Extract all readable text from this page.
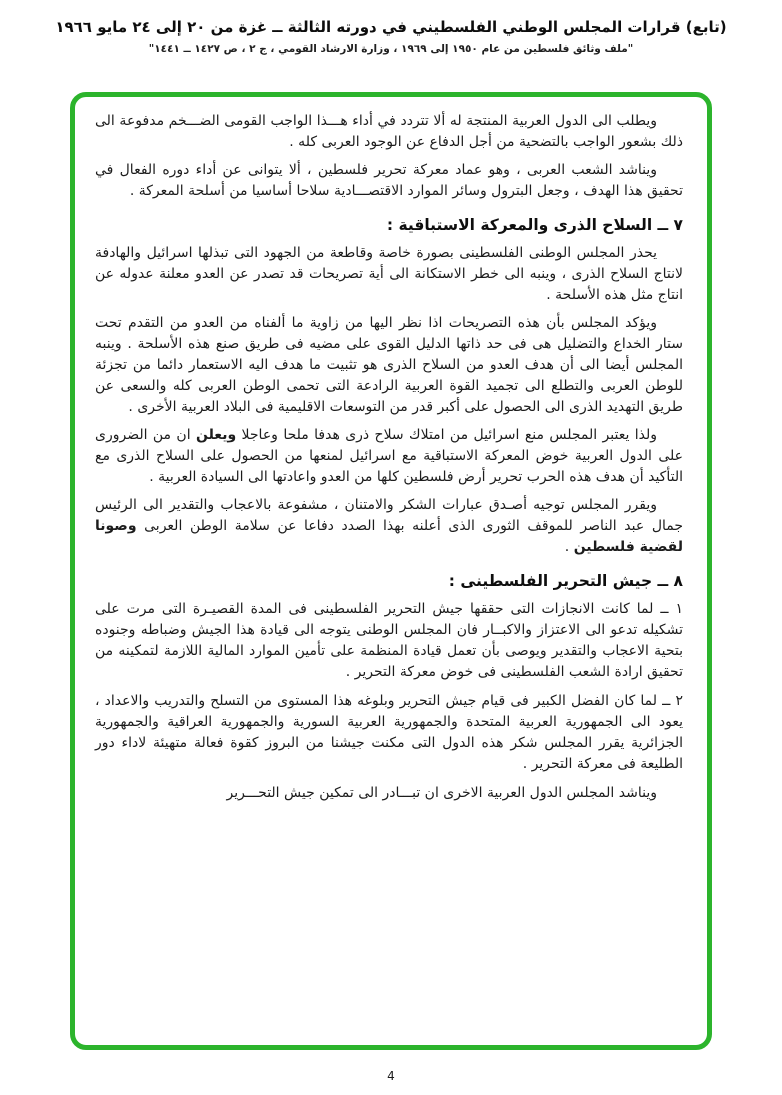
(تابع) قرارات المجلس الوطني الفلسطيني في دورته الثالثة ــ غزة من ٢٠ إلى ٢٤ مايو ١٩٦٦
"ملف وثائق فلسطين من عام ١٩٥٠ إلى ١٩٦٩ ، وزارة الارشاد القومي ، ج ٢ ، ص ١٤٢٧ ــ ١٤٤١"

ويطلب الى الدول العربية المنتجة له ألا تتردد في أداء هـــذا الواجب القومى الضـــخم مدفوعة الى ذلك بشعور الواجب بالتضحية من أجل الدفاع عن الوجود العربى كله .

ويناشد الشعب العربى ، وهو عماد معركة تحرير فلسطين ، ألا يتوانى عن أداء دوره الفعال في تحقيق هذا الهدف ، وجعل البترول وسائر الموارد الاقتصـــادية سلاحا أساسيا من أسلحة المعركة .

٧ ــ السلاح الذرى والمعركة الاستباقية :

يحذر المجلس الوطنى الفلسطينى بصورة خاصة وقاطعة من الجهود التى تبذلها اسرائيل والهادفة لانتاج السلاح الذرى ، وينبه الى خطر الاستكانة الى أية تصريحات قد تصدر عن العدو معلنة عدوله عن انتاج مثل هذه الأسلحة .

ويؤكد المجلس بأن هذه التصريحات اذا نظر اليها من زاوية ما ألفناه من العدو من التقدم تحت ستار الخداع والتضليل هى فى حد ذاتها الدليل القوى على مضيه فى طريق صنع هذه الأسلحة . وينبه المجلس أيضا الى أن هدف العدو من السلاح الذرى هو تثبيت ما هدف اليه الاستعمار دائما من تجزئة للوطن العربى والتطلع الى تجميد القوة العربية الرادعة التى تحمى الوطن العربى كله والسعى عن طريق التهديد الذرى الى الحصول على أكبر قدر من التوسعات الاقليمية فى البلاد العربية الأخرى .

ولذا يعتبر المجلس منع اسرائيل من امتلاك سلاح ذرى هدفا ملحا وعاجلا ويعلن ان من الضرورى على الدول العربية خوض المعركة الاستباقية مع اسرائيل لمنعها من الحصول على السلاح الذرى مع التأكيد أن هدف هذه الحرب تحرير أرض فلسطين كلها من العدو واعادتها الى السيادة العربية .

ويقرر المجلس توجيه أصـدق عبارات الشكر والامتنان ، مشفوعة بالاعجاب والتقدير الى الرئيس جمال عبد الناصر للموقف الثورى الذى أعلنه بهذا الصدد دفاعا عن سلامة الوطن العربى وصونا لقضية فلسطين .

٨ ــ جيش التحرير الفلسطينى :

١ ــ لما كانت الانجازات التى حققها جيش التحرير الفلسطينى فى المدة القصيـرة التى مرت على تشكيله تدعو الى الاعتزاز والاكبــار فان المجلس الوطنى يتوجه الى قيادة هذا الجيش وضباطه وجنوده بتحية الاعجاب والتقدير ويوصى بأن تعمل قيادة المنظمة على تأمين الموارد المالية اللازمة لتمكينه من تحقيق ارادة الشعب الفلسطينى فى خوض معركة التحرير .

٢ ــ لما كان الفضل الكبير فى قيام جيش التحرير وبلوغه هذا المستوى من التسلح والتدريب والاعداد ، يعود الى الجمهورية العربية المتحدة والجمهورية العربية السورية والجمهورية العراقية والجمهورية الجزائرية يقرر المجلس شكر هذه الدول التى مكنت جيشنا من البروز كقوة فعالة متهيئة لاداء دور الطليعة فى معركة التحرير .

ويناشد المجلس الدول العربية الاخرى ان تبـــادر الى تمكين جيش التحـــرير

4
